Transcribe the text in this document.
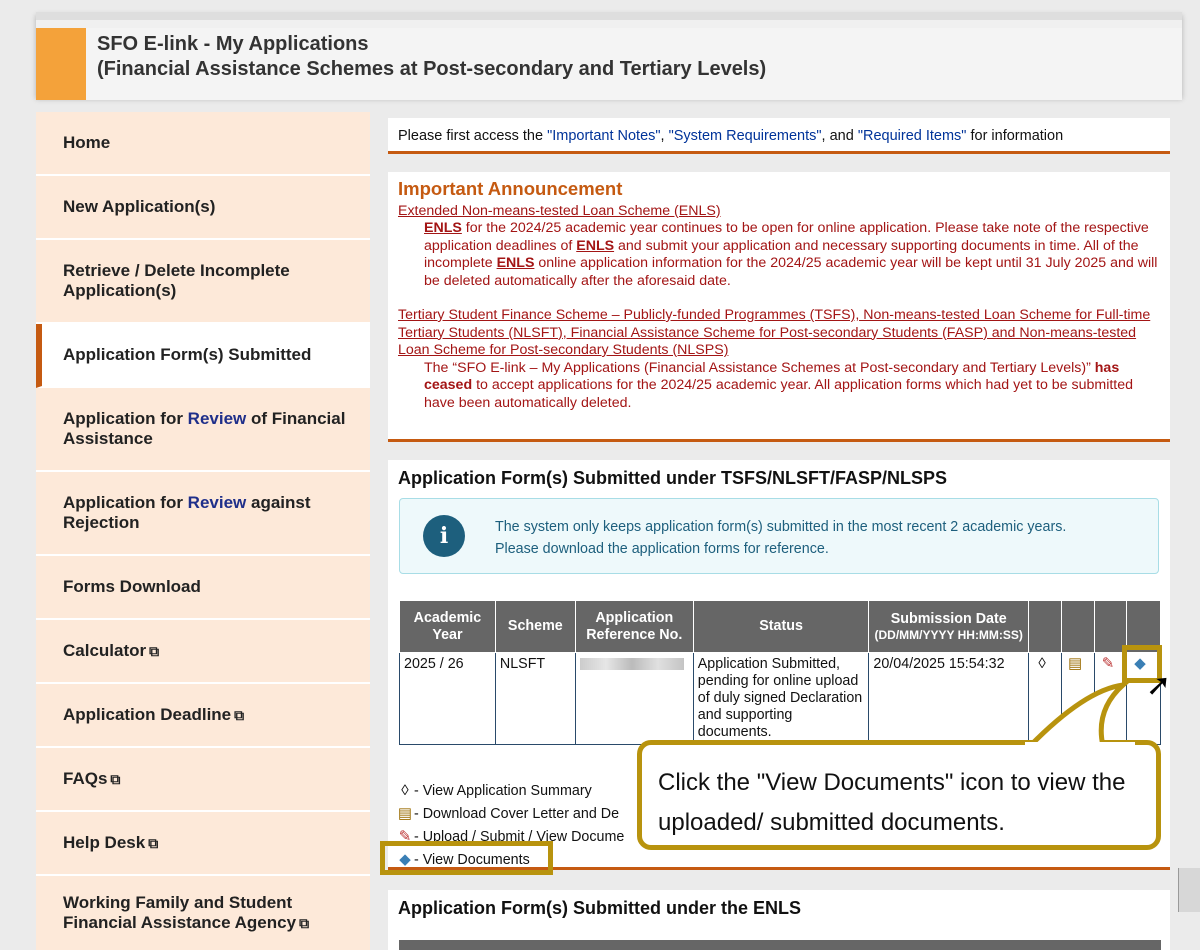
SFO E-link - My Applications
(Financial Assistance Schemes at Post-secondary and Tertiary Levels)
Home
New Application(s)
Retrieve / Delete Incomplete Application(s)
Application Form(s) Submitted
Application for Review of Financial Assistance
Application for Review against Rejection
Forms Download
Calculator ⧉
Application Deadline ⧉
FAQs ⧉
Help Desk ⧉
Working Family and Student Financial Assistance Agency ⧉
Please first access the "Important Notes", "System Requirements", and "Required Items" for information
Important Announcement
Extended Non-means-tested Loan Scheme (ENLS)
ENLS for the 2024/25 academic year continues to be open for online application. Please take note of the respective application deadlines of ENLS and submit your application and necessary supporting documents in time. All of the incomplete ENLS online application information for the 2024/25 academic year will be kept until 31 July 2025 and will be deleted automatically after the aforesaid date.
Tertiary Student Finance Scheme – Publicly-funded Programmes (TSFS), Non-means-tested Loan Scheme for Full-time Tertiary Students (NLSFT), Financial Assistance Scheme for Post-secondary Students (FASP) and Non-means-tested Loan Scheme for Post-secondary Students (NLSPS)
The “SFO E-link – My Applications (Financial Assistance Schemes at Post-secondary and Tertiary Levels)” has ceased to accept applications for the 2024/25 academic year. All application forms which had yet to be submitted have been automatically deleted.
Application Form(s) Submitted under TSFS/NLSFT/FASP/NLSPS
i	The system only keeps application form(s) submitted in the most recent 2 academic years.
Please download the application forms for reference.
Academic Year	Scheme	Application Reference No.	Status	Submission Date
(DD/MM/YYYY HH:MM:SS)				

2025 / 26	NLSFT		Application Submitted, pending for online upload of duly signed Declaration and supporting documents.	20/04/2025 15:54:32	◊	▤	✎	◆
◊ - View Application Summary
▤ - Download Cover Letter and De
✎ - Upload / Submit / View Docume
◆ - View Documents
Application Form(s) Submitted under the ENLS
Click the "View Documents" icon to view the uploaded/ submitted documents.
➚
